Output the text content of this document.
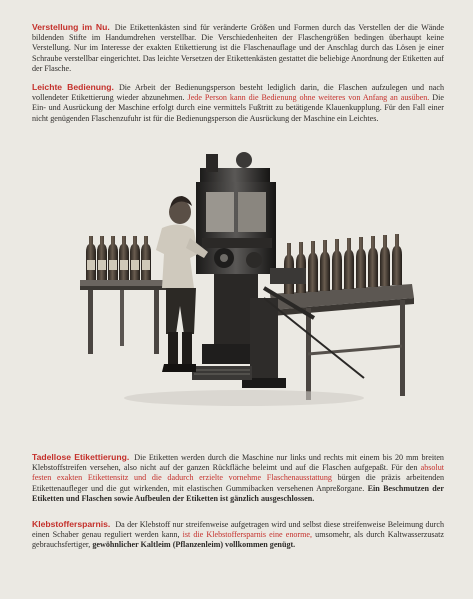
Verstellung im Nu. Die Etikettenkästen sind für veränderte Größen und Formen durch das Verstellen der die Wände bildenden Stifte im Handumdrehen verstellbar. Die Verschiedenheiten der Flaschengrößen bedingen überhaupt keine Verstellung. Nur im Interesse der exakten Etikettierung ist die Flaschenauflage und der Anschlag durch das Lösen je einer Schraube verstellbar eingerichtet. Das leichte Versetzen der Etikettenkästen gestattet die beliebige Anordnung der Etiketten auf der Flasche.
Leichte Bedienung. Die Arbeit der Bedienungsperson besteht lediglich darin, die Flaschen aufzulegen und nach vollendeter Etikettierung wieder abzunehmen. Jede Person kann die Bedienung ohne weiteres von Anfang an ausüben. Die Ein- und Ausrückung der Maschine erfolgt durch eine vermittels Fußtritt zu betätigende Klauenkupplung. Für den Fall einer nicht genügenden Flaschenzufuhr ist für die Bedienungsperson die Ausrückung der Maschine ein Leichtes.
Tadellose Etikettierung. Die Etiketten werden durch die Maschine nur links und rechts mit einem bis 20 mm breiten Klebstoffstreifen versehen, also nicht auf der ganzen Rückfläche beleimt und auf die Flaschen aufgepaßt. Für den absolut festen exakten Etikettensitz und die dadurch erzielte vornehme Flaschenausstattung bürgen die präzis arbeitenden Etikettenaufleger und die gut wirkenden, mit elastischen Gummibacken versehenen Anpreßorgane. Ein Beschmutzen der Etiketten und Flaschen sowie Aufbeulen der Etiketten ist gänzlich ausgeschlossen.
Klebstoffersparnis. Da der Klebstoff nur streifenweise aufgetragen wird und selbst diese streifenweise Beleimung durch einen Schaber genau reguliert werden kann, ist die Klebstoffersparnis eine enorme, umsomehr, als durch Kaltwasserzusatz gebrauchsfertiger, gewöhnlicher Kaltleim (Pflanzenleim) vollkommen genügt.
